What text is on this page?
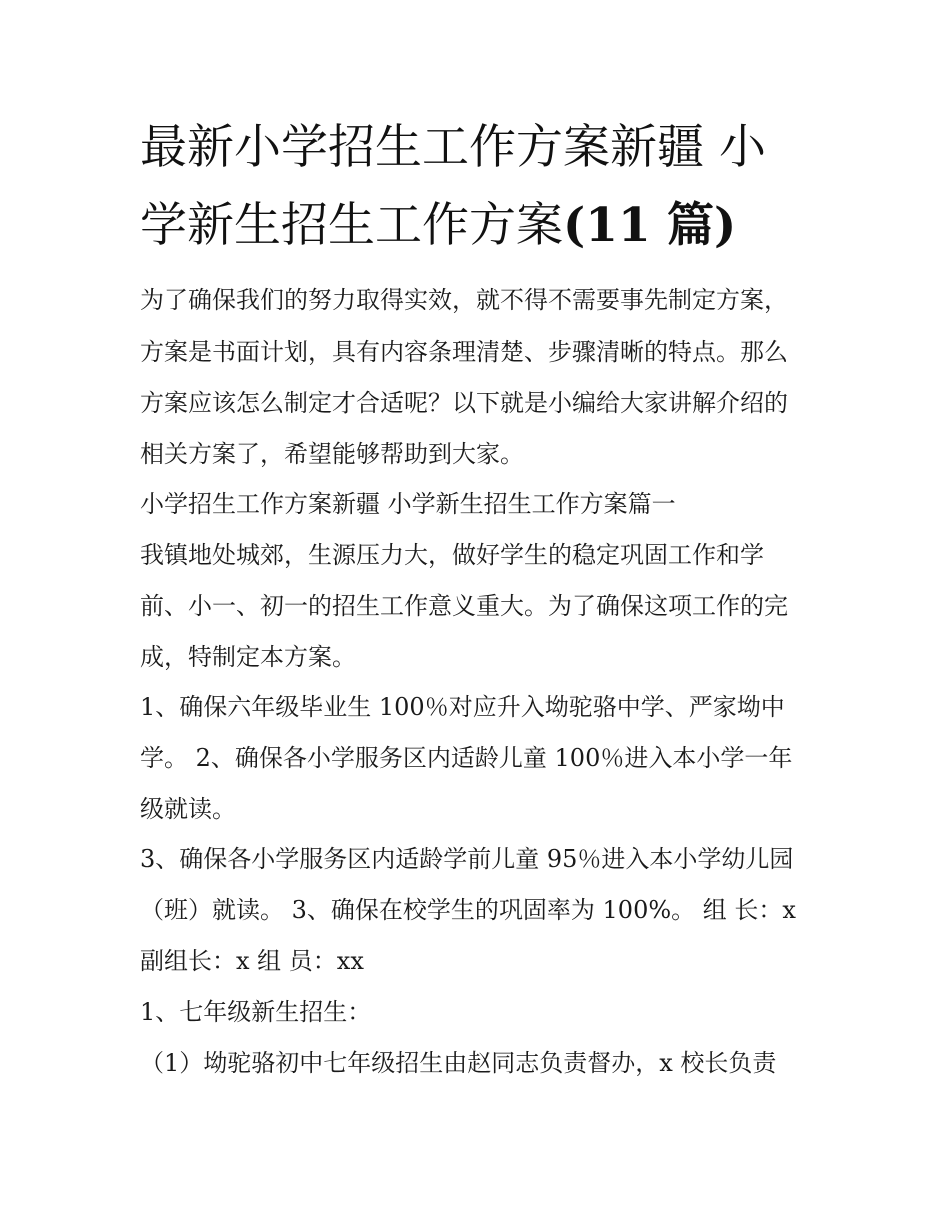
最新小学招生工作方案新疆 小
学新生招生工作方案(11 篇)
为了确保我们的努力取得实效，就不得不需要事先制定方案，
方案是书面计划，具有内容条理清楚、步骤清晰的特点。那么
方案应该怎么制定才合适呢？以下就是小编给大家讲解介绍的
相关方案了，希望能够帮助到大家。
小学招生工作方案新疆 小学新生招生工作方案篇一
我镇地处城郊，生源压力大，做好学生的稳定巩固工作和学
前、小一、初一的招生工作意义重大。为了确保这项工作的完
成，特制定本方案。
1、确保六年级毕业生 100％对应升入坳驼骆中学、严家坳中
学。 2、确保各小学服务区内适龄儿童 100％进入本小学一年
级就读。
3、确保各小学服务区内适龄学前儿童 95％进入本小学幼儿园
（班）就读。 3、确保在校学生的巩固率为 100%。 组 长：x
副组长：x 组 员：xx
1、七年级新生招生：
（1）坳驼骆初中七年级招生由赵同志负责督办，x 校长负责
